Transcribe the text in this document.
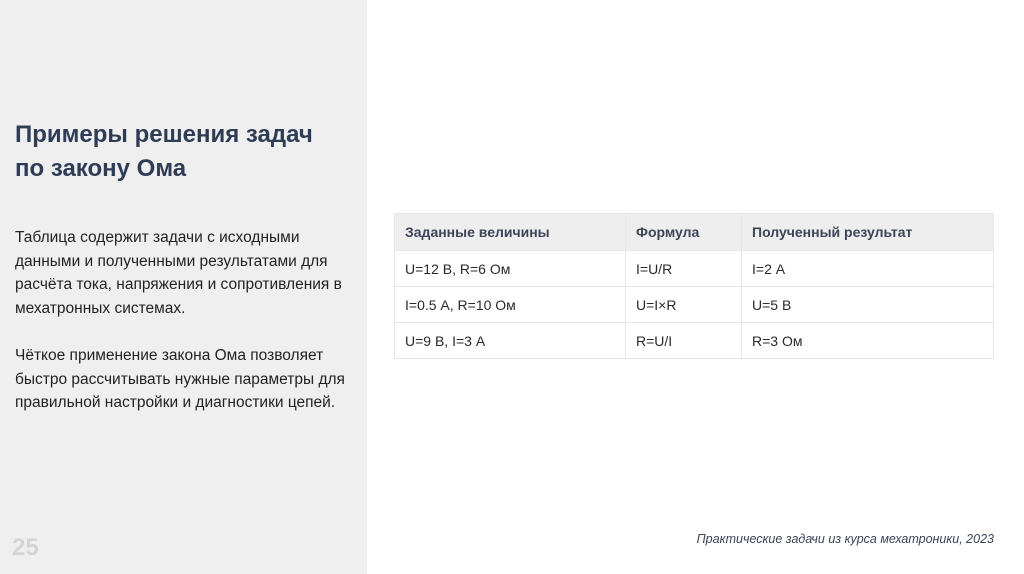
Примеры решения задач
по закону Ома

Таблица содержит задачи с исходными данными и полученными результатами для расчёта тока, напряжения и сопротивления в мехатронных системах.

Чёткое применение закона Ома позволяет быстро рассчитывать нужные параметры для правильной настройки и диагностики цепей.

25
Заданные величины	Формула	Полученный результат
U=12 В, R=6 Ом	I=U/R	I=2 А
I=0.5 А, R=10 Ом	U=I×R	U=5 В
U=9 В, I=3 А	R=U/I	R=3 Ом
Практические задачи из курса мехатроники, 2023
